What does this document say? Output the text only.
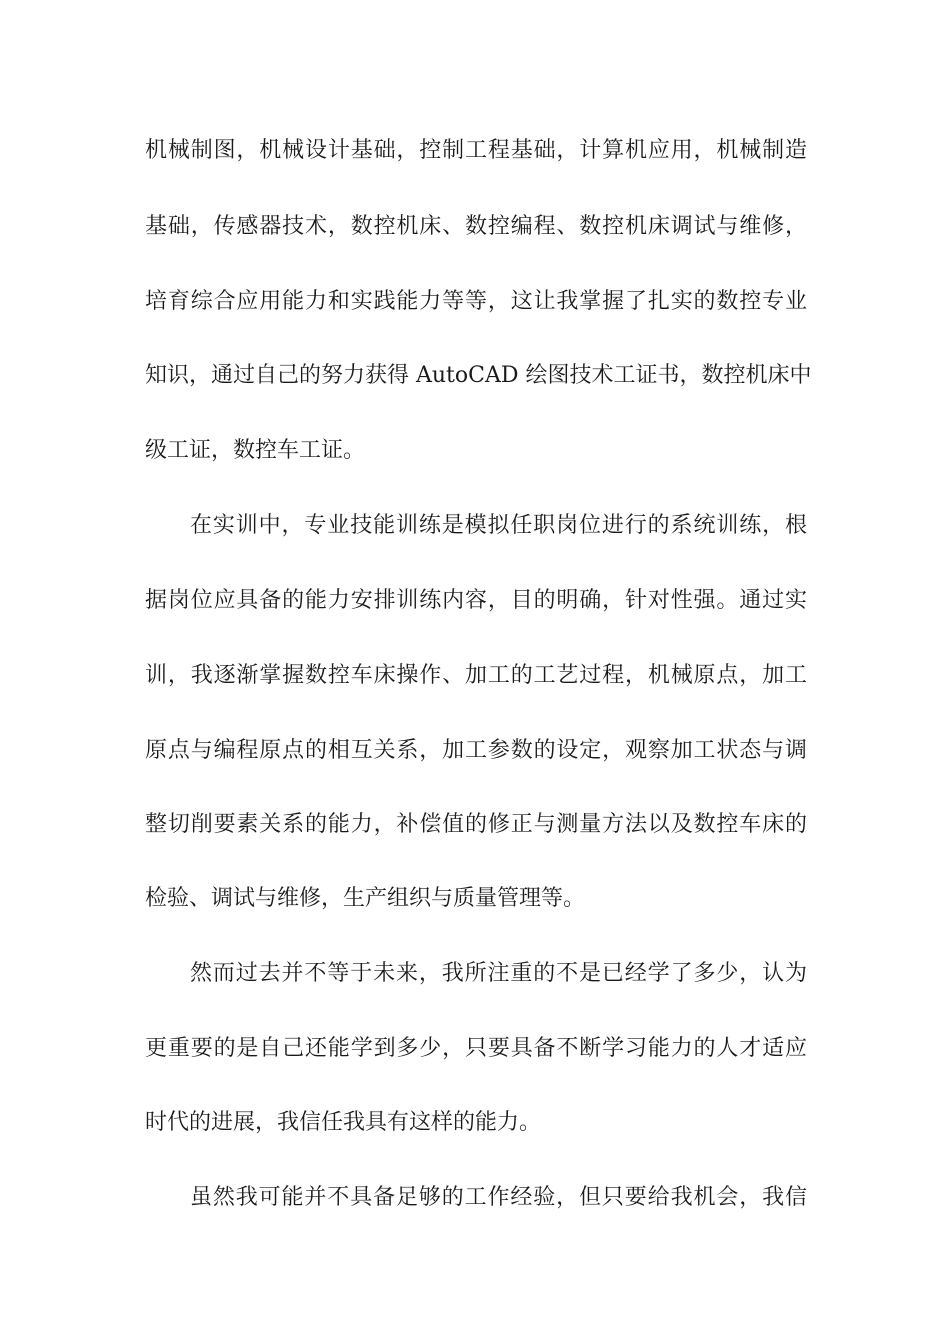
机械制图，机械设计基础，控制工程基础，计算机应用，机械制造

基础，传感器技术，数控机床、数控编程、数控机床调试与维修，

培育综合应用能力和实践能力等等，这让我掌握了扎实的数控专业

知识，通过自己的努力获得 AutoCAD 绘图技术工证书，数控机床中

级工证，数控车工证。

在实训中，专业技能训练是模拟任职岗位进行的系统训练，根

据岗位应具备的能力安排训练内容，目的明确，针对性强。通过实

训，我逐渐掌握数控车床操作、加工的工艺过程，机械原点，加工

原点与编程原点的相互关系，加工参数的设定，观察加工状态与调

整切削要素关系的能力，补偿值的修正与测量方法以及数控车床的

检验、调试与维修，生产组织与质量管理等。

然而过去并不等于未来，我所注重的不是已经学了多少，认为

更重要的是自己还能学到多少，只要具备不断学习能力的人才适应

时代的进展，我信任我具有这样的能力。

虽然我可能并不具备足够的工作经验，但只要给我机会，我信
